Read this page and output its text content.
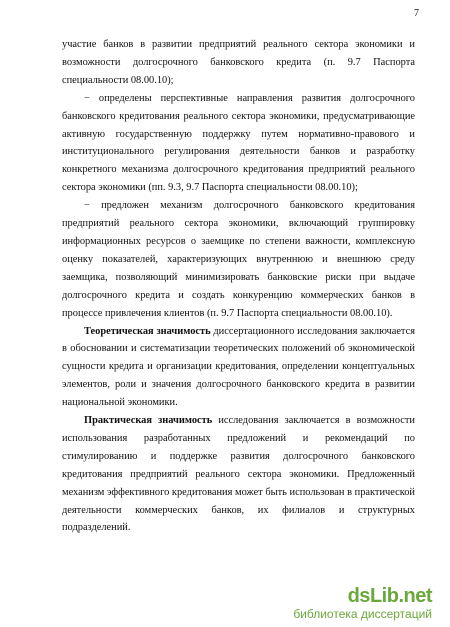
7

участие банков в развитии предприятий реального сектора экономики и возможности долгосрочного банковского кредита (п. 9.7 Паспорта специальности 08.00.10);

− определены перспективные направления развития долгосрочного банковского кредитования реального сектора экономики, предусматривающие активную государственную поддержку путем нормативно-правового и институционального регулирования деятельности банков и разработку конкретного механизма долгосрочного кредитования предприятий реального сектора экономики (пп. 9.3, 9.7 Паспорта специальности 08.00.10);

− предложен механизм долгосрочного банковского кредитования предприятий реального сектора экономики, включающий группировку информационных ресурсов о заемщике по степени важности, комплексную оценку показателей, характеризующих внутреннюю и внешнюю среду заемщика, позволяющий минимизировать банковские риски при выдаче долгосрочного кредита и создать конкуренцию коммерческих банков в процессе привлечения клиентов (п. 9.7 Паспорта специальности 08.00.10).

Теоретическая значимость диссертационного исследования заключается в обосновании и систематизации теоретических положений об экономической сущности кредита и организации кредитования, определении концептуальных элементов, роли и значения долгосрочного банковского кредита в развитии национальной экономики.

Практическая значимость исследования заключается в возможности использования разработанных предложений и рекомендаций по стимулированию и поддержке развития долгосрочного банковского кредитования предприятий реального сектора экономики. Предложенный механизм эффективного кредитования может быть использован в практической деятельности коммерческих банков, их филиалов и структурных подразделений.

dsLib.net
библиотека диссертаций
